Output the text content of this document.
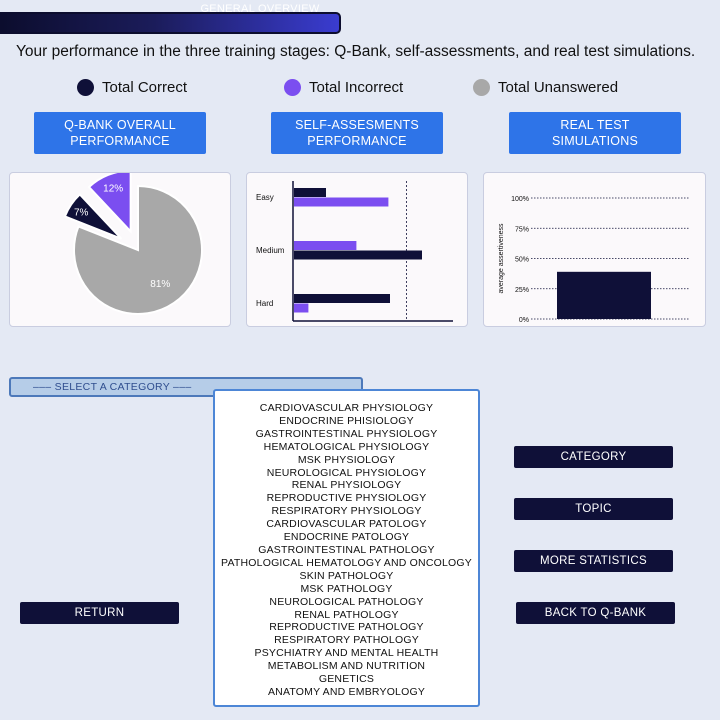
GENERAL OVERVIEW
Your performance in the three training stages: Q-Bank, self-assessments, and real test simulations.
Total Correct	Total Incorrect	Total Unanswered
Q-BANK OVERALL
PERFORMANCE
SELF-ASSESMENTS
PERFORMANCE
REAL TEST
SIMULATIONS
81%
7%
12%
Easy
Medium
Hard
0%
25%
50%
75%
100%
average assertiveness
––– SELECT A CATEGORY –––
CARDIOVASCULAR PHYSIOLOGY
ENDOCRINE PHISIOLOGY
GASTROINTESTINAL PHYSIOLOGY
HEMATOLOGICAL PHYSIOLOGY
MSK PHYSIOLOGY
NEUROLOGICAL PHYSIOLOGY
RENAL PHYSIOLOGY
REPRODUCTIVE PHYSIOLOGY
RESPIRATORY PHYSIOLOGY
CARDIOVASCULAR PATOLOGY
ENDOCRINE PATOLOGY
GASTROINTESTINAL PATHOLOGY
PATHOLOGICAL HEMATOLOGY AND ONCOLOGY
SKIN PATHOLOGY
MSK PATHOLOGY
NEUROLOGICAL PATHOLOGY
RENAL PATHOLOGY
REPRODUCTIVE PATHOLOGY
RESPIRATORY PATHOLOGY
PSYCHIATRY AND MENTAL HEALTH
METABOLISM AND NUTRITION
GENETICS
ANATOMY AND EMBRYOLOGY
RETURN
CATEGORY
TOPIC
MORE STATISTICS
BACK TO Q-BANK
